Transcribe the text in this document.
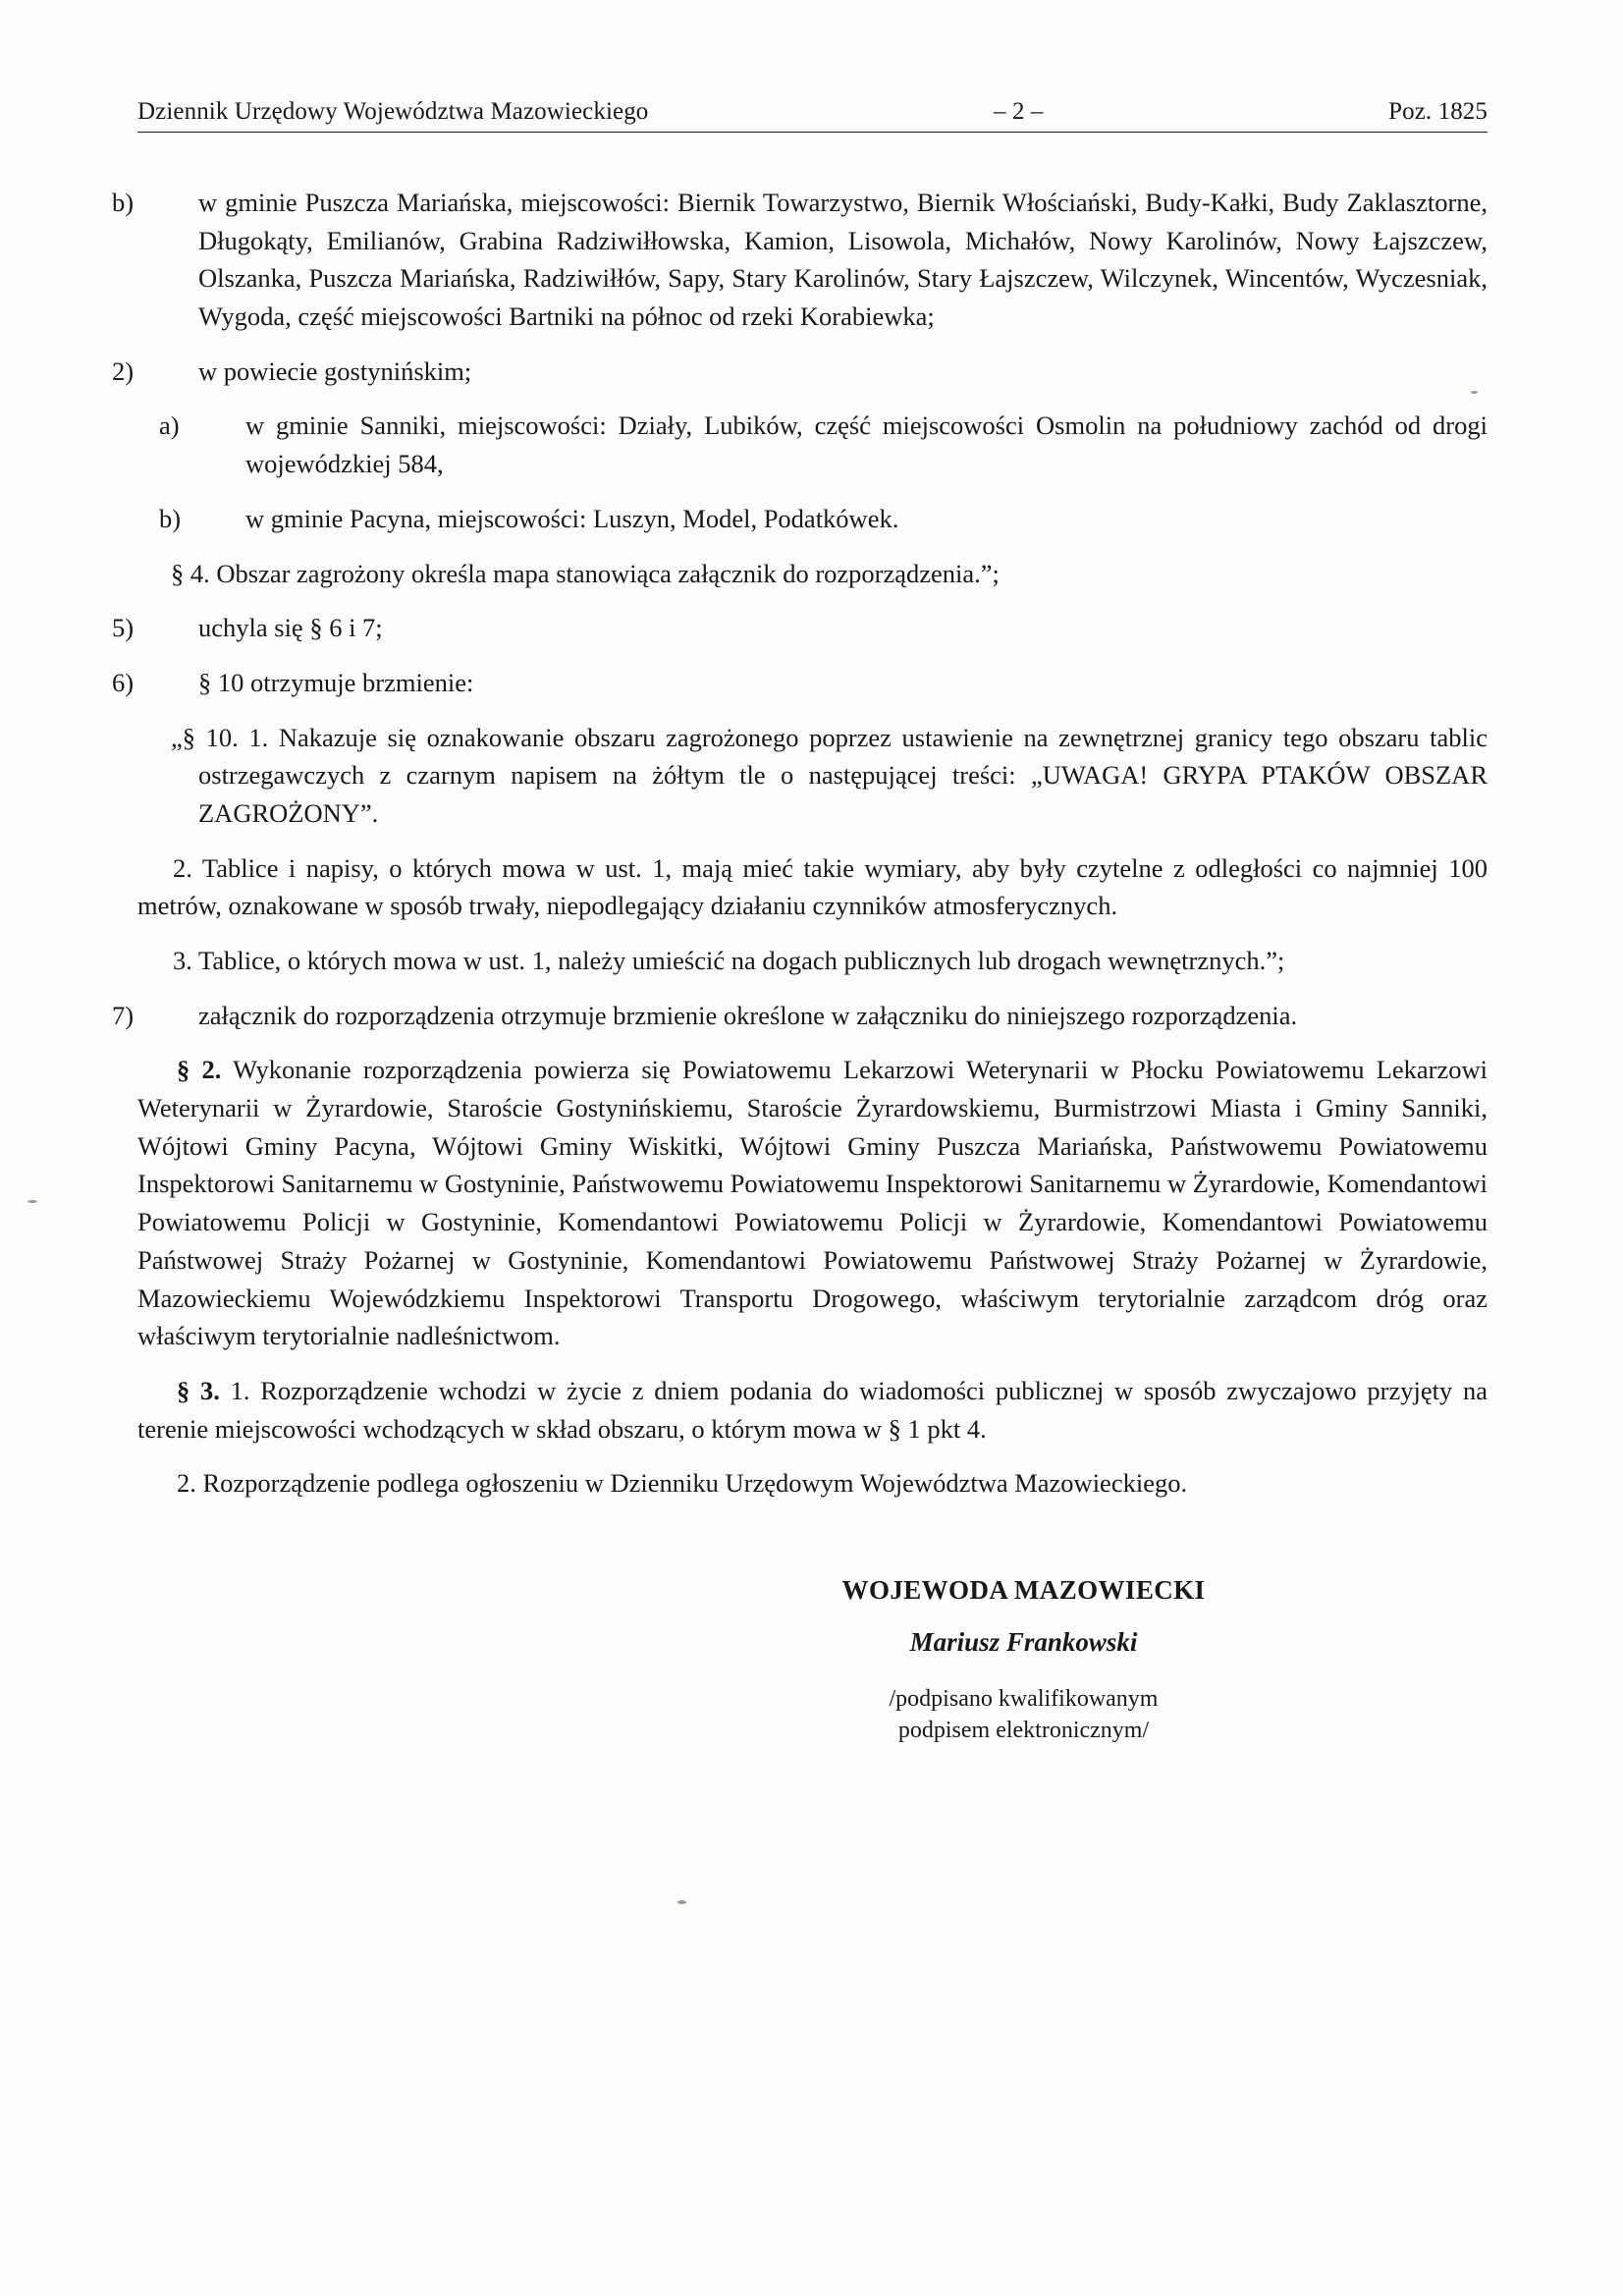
Dziennik Urzędowy Województwa Mazowieckiego	– 2 –	Poz. 1825

b) w gminie Puszcza Mariańska, miejscowości: Biernik Towarzystwo, Biernik Włościański, Budy-Kałki, Budy Zaklasztorne, Długokąty, Emilianów, Grabina Radziwiłłowska, Kamion, Lisowola, Michałów, Nowy Karolinów, Nowy Łajszczew, Olszanka, Puszcza Mariańska, Radziwiłłów, Sapy, Stary Karolinów, Stary Łajszczew, Wilczynek, Wincentów, Wyczesniak, Wygoda, część miejscowości Bartniki na północ od rzeki Korabiewka;

2) w powiecie gostynińskim;

a)	w gminie Sanniki, miejscowości: Działy, Lubików, część miejscowości Osmolin na południowy zachód od drogi wojewódzkiej 584,

b) w gminie Pacyna, miejscowości: Luszyn, Model, Podatkówek.

§ 4. Obszar zagrożony określa mapa stanowiąca załącznik do rozporządzenia.”;

5) uchyla się § 6 i 7;

6) § 10 otrzymuje brzmienie:

„§ 10. 1. Nakazuje się oznakowanie obszaru zagrożonego poprzez ustawienie na zewnętrznej granicy tego obszaru tablic ostrzegawczych z czarnym napisem na żółtym tle o następującej treści: „UWAGA! GRYPA PTAKÓW OBSZAR ZAGROŻONY”.

2. Tablice i napisy, o których mowa w ust. 1, mają mieć takie wymiary, aby były czytelne z odległości co najmniej 100 metrów, oznakowane w sposób trwały, niepodlegający działaniu czynników atmosferycznych.

3. Tablice, o których mowa w ust. 1, należy umieścić na dogach publicznych lub drogach wewnętrznych.”;

7) załącznik do rozporządzenia otrzymuje brzmienie określone w załączniku do niniejszego rozporządzenia.

§ 2. Wykonanie rozporządzenia powierza się Powiatowemu Lekarzowi Weterynarii w Płocku Powiatowemu Lekarzowi Weterynarii w Żyrardowie, Staroście Gostynińskiemu, Staroście Żyrardowskiemu, Burmistrzowi Miasta i Gminy Sanniki, Wójtowi Gminy Pacyna, Wójtowi Gminy Wiskitki, Wójtowi Gminy Puszcza Mariańska, Państwowemu Powiatowemu Inspektorowi Sanitarnemu w Gostyninie, Państwowemu Powiatowemu Inspektorowi Sanitarnemu w Żyrardowie, Komendantowi Powiatowemu Policji w Gostyninie, Komendantowi Powiatowemu Policji w Żyrardowie, Komendantowi Powiatowemu Państwowej Straży Pożarnej w Gostyninie, Komendantowi Powiatowemu Państwowej Straży Pożarnej w Żyrardowie, Mazowieckiemu Wojewódzkiemu Inspektorowi Transportu Drogowego, właściwym terytorialnie zarządcom dróg oraz właściwym terytorialnie nadleśnictwom.

§ 3. 1. Rozporządzenie wchodzi w życie z dniem podania do wiadomości publicznej w sposób zwyczajowo przyjęty na terenie miejscowości wchodzących w skład obszaru, o którym mowa w § 1 pkt 4.

2. Rozporządzenie podlega ogłoszeniu w Dzienniku Urzędowym Województwa Mazowieckiego.

WOJEWODA MAZOWIECKI
Mariusz Frankowski
/podpisano kwalifikowanym
podpisem elektronicznym/
